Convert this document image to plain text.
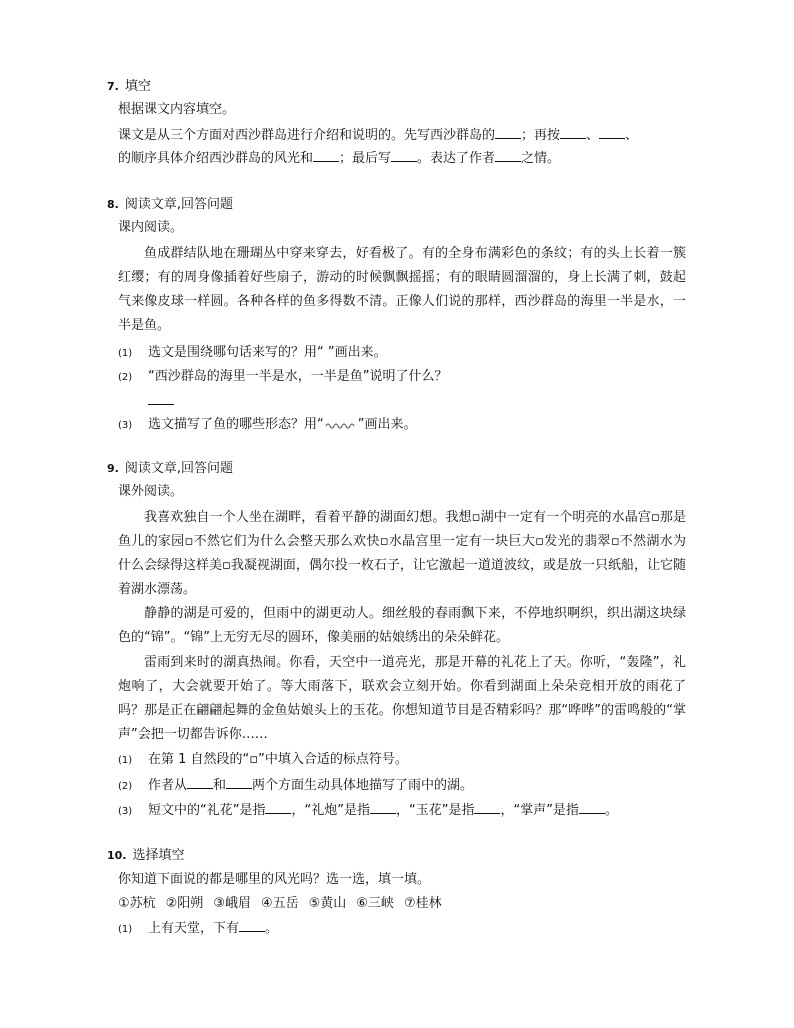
7. 填空
根据课文内容填空。
课文是从三个方面对西沙群岛进行介绍和说明的。先写西沙群岛的 ；再按 、 、
的顺序具体介绍西沙群岛的风光和 ；最后写 。表达了作者 之情。
8. 阅读文章,回答问题
课内阅读。
鱼成群结队地在珊瑚丛中穿来穿去，好看极了。有的全身布满彩色的条纹；有的头上长着一簇红缨；有的周身像插着好些扇子，游动的时候飘飘摇摇；有的眼睛圆溜溜的，身上长满了刺，鼓起气来像皮球一样圆。各种各样的鱼多得数不清。正像人们说的那样，西沙群岛的海里一半是水，一半是鱼。
(1) 选文是围绕哪句话来写的？用“ ”画出来。
(2) “西沙群岛的海里一半是水，一半是鱼”说明了什么？
(3) 选文描写了鱼的哪些形态？用“	”画出来。
9. 阅读文章,回答问题
课外阅读。
我喜欢独自一个人坐在湖畔，看着平静的湖面幻想。我想▫湖中一定有一个明亮的水晶宫▫那是鱼儿的家园▫不然它们为什么会整天那么欢快▫水晶宫里一定有一块巨大▫发光的翡翠▫不然湖水为什么会绿得这样美▫我凝视湖面，偶尔投一枚石子，让它激起一道道波纹，或是放一只纸船，让它随着湖水漂荡。
静静的湖是可爱的，但雨中的湖更动人。细丝般的春雨飘下来，不停地织啊织，织出湖这块绿色的“锦”。“锦”上无穷无尽的圆环，像美丽的姑娘绣出的朵朵鲜花。
雷雨到来时的湖真热闹。你看，天空中一道亮光，那是开幕的礼花上了天。你听，“轰隆”，礼炮响了，大会就要开始了。等大雨落下，联欢会立刻开始。你看到湖面上朵朵竞相开放的雨花了吗？那是正在翩翩起舞的金鱼姑娘头上的玉花。你想知道节目是否精彩吗？那“哗哗”的雷鸣般的“掌声”会把一切都告诉你……
(1) 在第 1 自然段的“▫”中填入合适的标点符号。
(2) 作者从 和 两个方面生动具体地描写了雨中的湖。
(3) 短文中的“礼花”是指 ，“礼炮”是指 ，“玉花”是指 ，“掌声”是指 。
10. 选择填空
你知道下面说的都是哪里的风光吗？选一选，填一填。
①苏杭 ②阳朔 ③峨眉 ④五岳 ⑤黄山 ⑥三峡 ⑦桂林
(1) 上有天堂，下有 。
